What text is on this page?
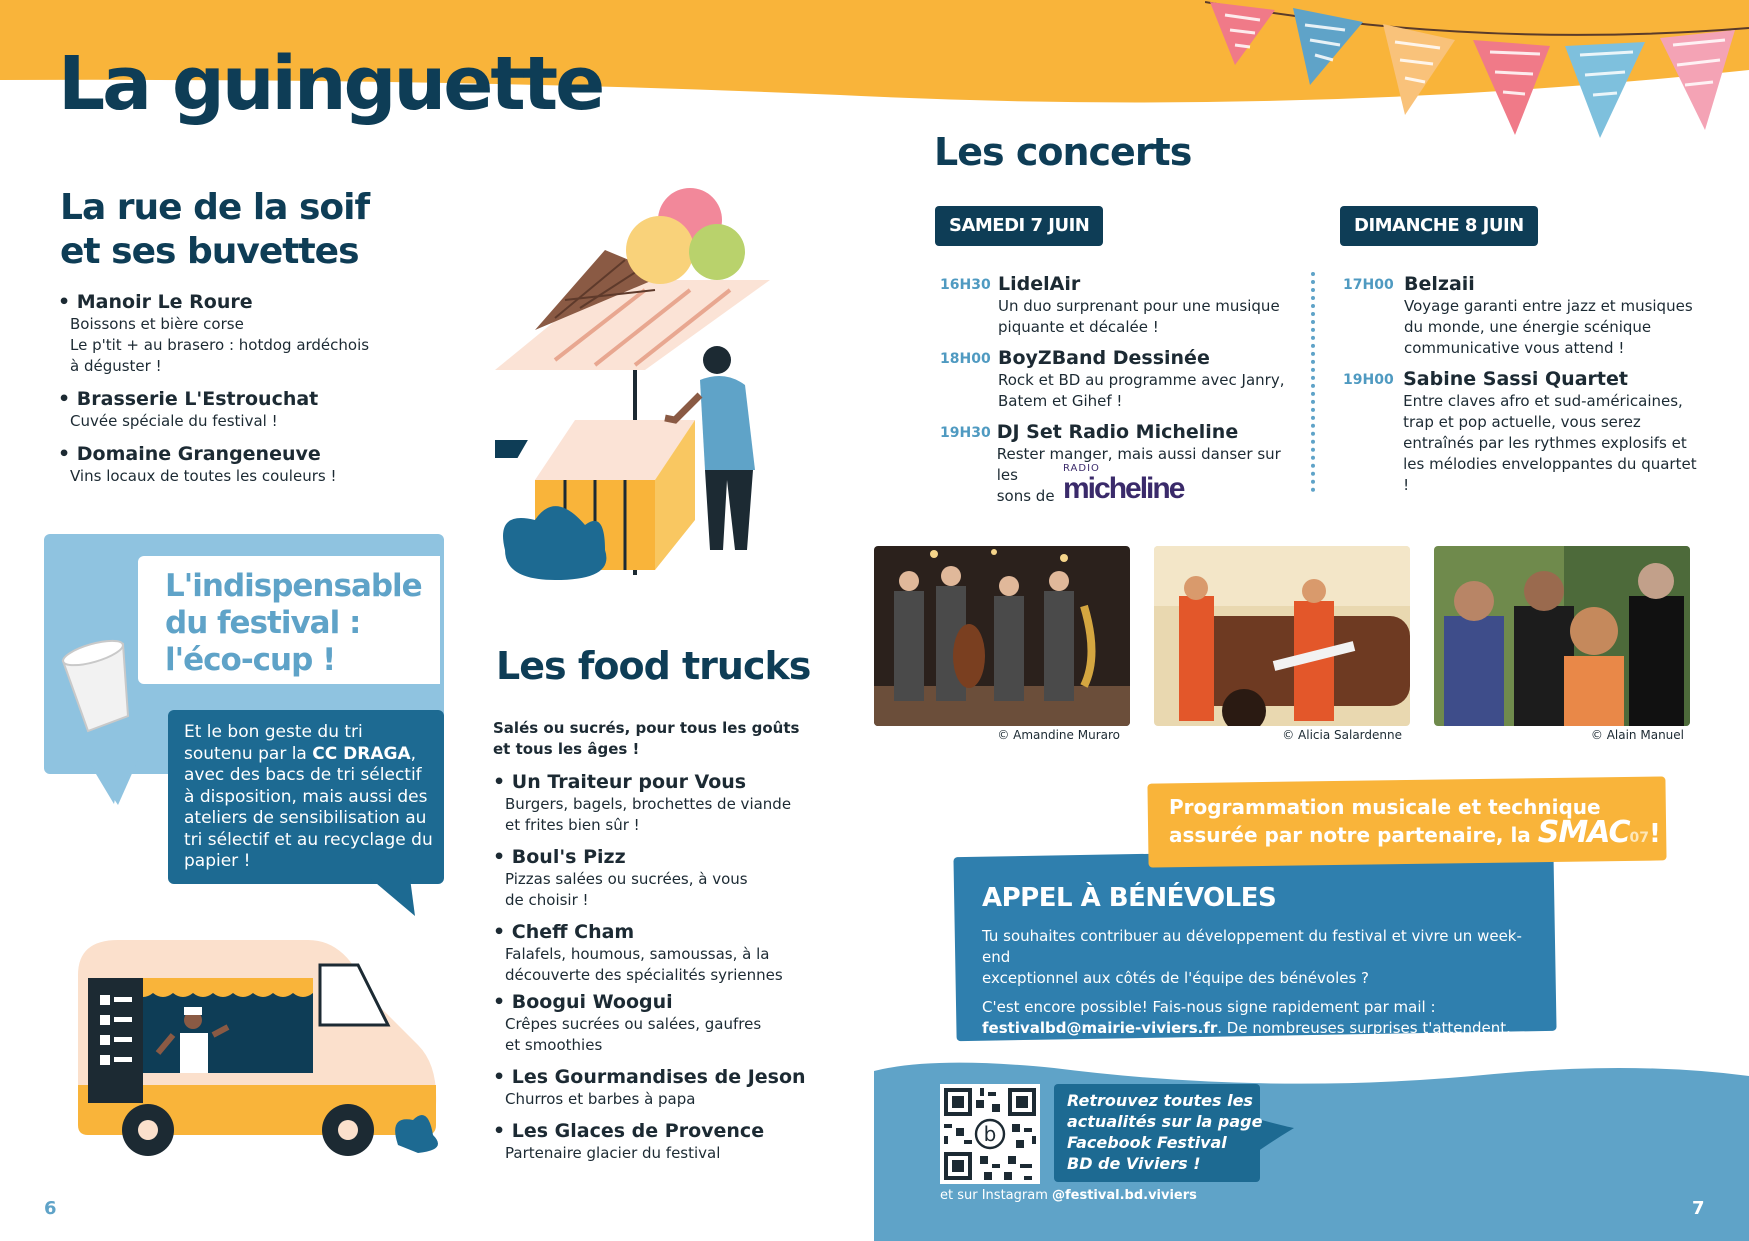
La guinguette
La rue de la soif
et ses buvettes
• Manoir Le Roure
Boissons et bière corse
Le p'tit + au brasero : hotdog ardéchois
à déguster !
• Brasserie L'Estrouchat
Cuvée spéciale du festival !
• Domaine Grangeneuve
Vins locaux de toutes les couleurs !
L'indispensable
du festival :
l'éco-cup !
Et le bon geste du tri soutenu par la CC DRAGA, avec des bacs de tri sélectif à disposition, mais aussi des ateliers de sensibilisation au tri sélectif et au recyclage du papier !
Les food trucks
Salés ou sucrés, pour tous les goûts
et tous les âges !
• Un Traiteur pour Vous
Burgers, bagels, brochettes de viande
et frites bien sûr !
• Boul's Pizz
Pizzas salées ou sucrées, à vous
de choisir !
• Cheff Cham
Falafels, houmous, samoussas, à la
découverte des spécialités syriennes
• Boogui Woogui
Crêpes sucrées ou salées, gaufres
et smoothies
• Les Gourmandises de Jeson
Churros et barbes à papa
• Les Glaces de Provence
Partenaire glacier du festival
Les concerts
SAMEDI 7 JUIN	DIMANCHE 8 JUIN
16H30 LidelAir
Un duo surprenant pour une musique
piquante et décalée !
18H00 BoyZBand Dessinée
Rock et BD au programme avec Janry,
Batem et Gihef !
19H30 DJ Set Radio Micheline
Rester manger, mais aussi danser sur les
sons de
RADIO
micheline
17H00 Belzaii
Voyage garanti entre jazz et musiques
du monde, une énergie scénique
communicative vous attend !
19H00 Sabine Sassi Quartet
Entre claves afro et sud-américaines,
trap et pop actuelle, vous serez
entraînés par les rythmes explosifs et
les mélodies enveloppantes du quartet !
© Amandine Muraro	© Alicia Salardenne	© Alain Manuel
Programmation musicale et technique
assurée par notre partenaire, la SMAC07!
APPEL À BÉNÉVOLES
Tu souhaites contribuer au développement du festival et vivre un week-end
exceptionnel aux côtés de l'équipe des bénévoles ?
C'est encore possible! Fais-nous signe rapidement par mail :
festivalbd@mairie-viviers.fr. De nombreuses surprises t'attendent.
b
Retrouvez toutes les
actualités sur la page
Facebook Festival
BD de Viviers !
et sur Instagram @festival.bd.viviers
6	7
